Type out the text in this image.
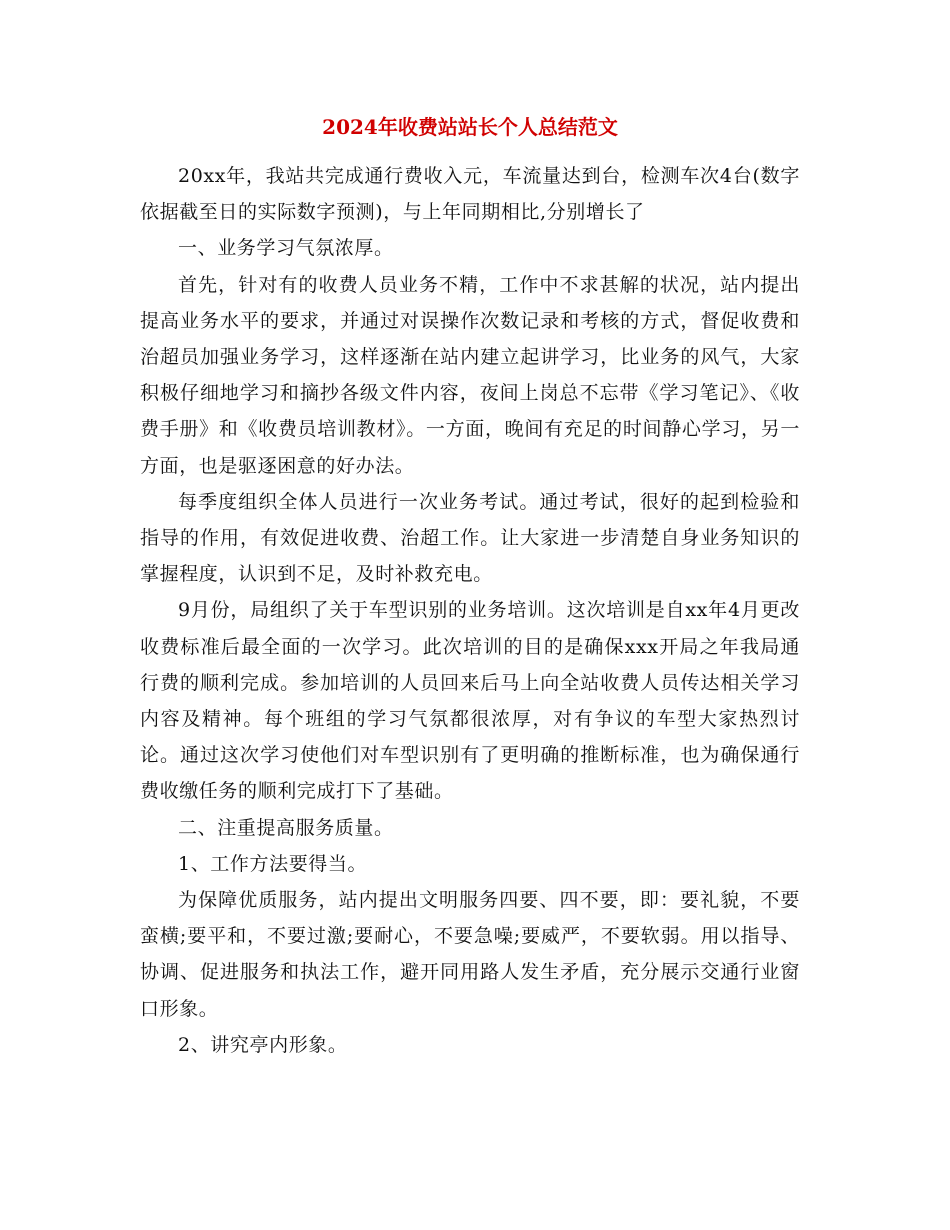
2024年收费站站长个人总结范文

20xx年，我站共完成通行费收入元，车流量达到台，检测车次4台(数字依据截至日的实际数字预测)，与上年同期相比,分别增长了

一、业务学习气氛浓厚。

首先，针对有的收费人员业务不精，工作中不求甚解的状况，站内提出提高业务水平的要求，并通过对误操作次数记录和考核的方式，督促收费和治超员加强业务学习，这样逐渐在站内建立起讲学习，比业务的风气，大家积极仔细地学习和摘抄各级文件内容，夜间上岗总不忘带《学习笔记》、《收费手册》和《收费员培训教材》。一方面，晚间有充足的时间静心学习，另一方面，也是驱逐困意的好办法。

每季度组织全体人员进行一次业务考试。通过考试，很好的起到检验和指导的作用，有效促进收费、治超工作。让大家进一步清楚自身业务知识的掌握程度，认识到不足，及时补救充电。

9月份，局组织了关于车型识别的业务培训。这次培训是自xx年4月更改收费标准后最全面的一次学习。此次培训的目的是确保xxx开局之年我局通行费的顺利完成。参加培训的人员回来后马上向全站收费人员传达相关学习内容及精神。每个班组的学习气氛都很浓厚，对有争议的车型大家热烈讨论。通过这次学习使他们对车型识别有了更明确的推断标准，也为确保通行费收缴任务的顺利完成打下了基础。

二、注重提高服务质量。

1、工作方法要得当。

为保障优质服务，站内提出文明服务四要、四不要，即：要礼貌，不要蛮横;要平和，不要过激;要耐心，不要急噪;要威严，不要软弱。用以指导、协调、促进服务和执法工作，避开同用路人发生矛盾，充分展示交通行业窗口形象。

2、讲究亭内形象。
